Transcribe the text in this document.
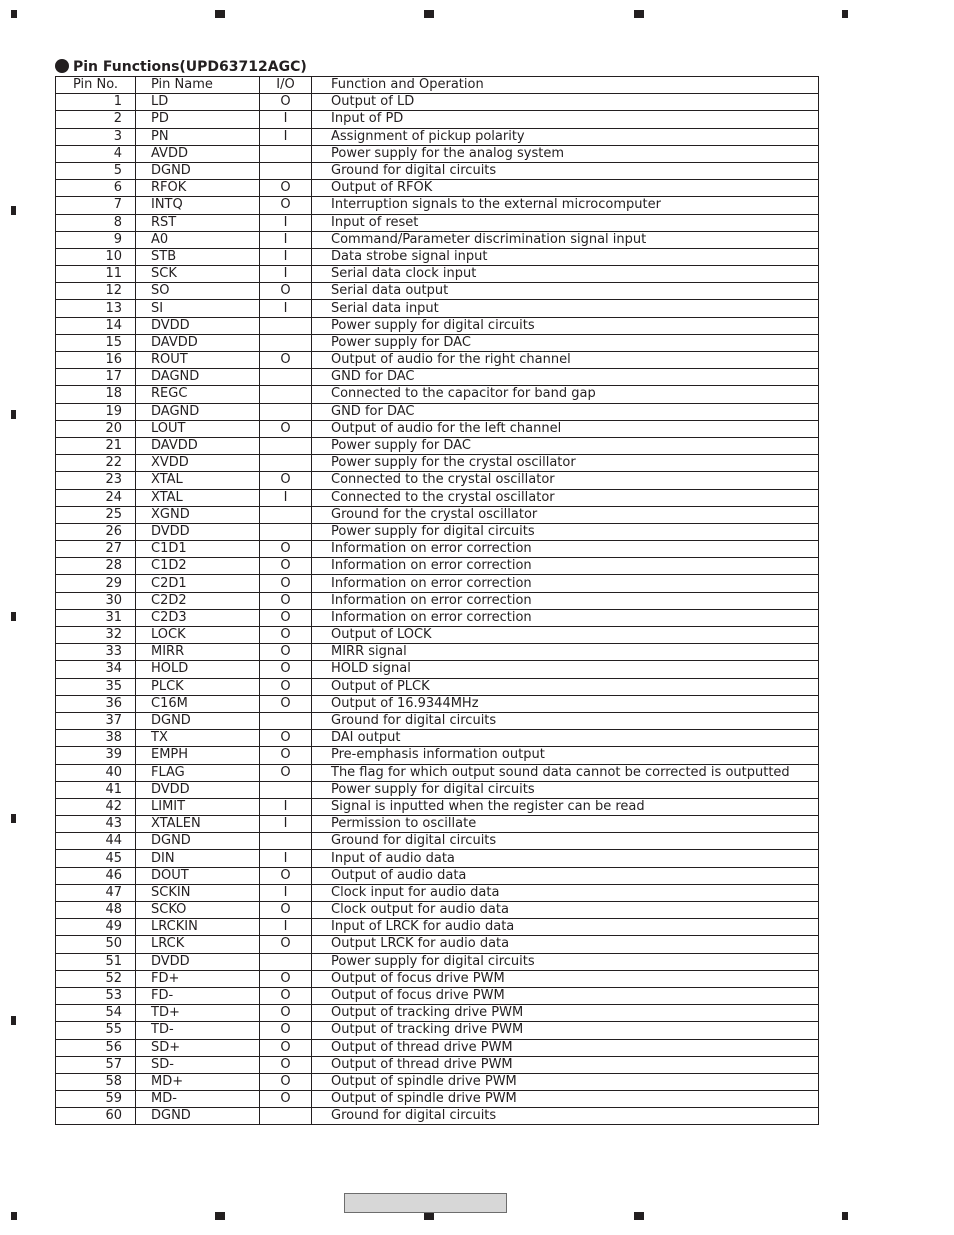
Pin Functions(UPD63712AGC)
Pin No.	Pin Name	I/O	Function and Operation
1	LD	O	Output of LD
2	PD	I	Input of PD
3	PN	I	Assignment of pickup polarity
4	AVDD		Power supply for the analog system
5	DGND		Ground for digital circuits
6	RFOK	O	Output of RFOK
7	INTQ	O	Interruption signals to the external microcomputer
8	$\overline{RST}$	I	Input of reset
9	A0	I	Command/Parameter discrimination signal input
10	$\overline{STB}$	I	Data strobe signal input
11	$\overline{SCK}$	I	Serial data clock input
12	SO	O	Serial data output
13	SI	I	Serial data input
14	DVDD		Power supply for digital circuits
15	DAVDD		Power supply for DAC
16	ROUT	O	Output of audio for the right channel
17	DAGND		GND for DAC
18	REGC		Connected to the capacitor for band gap
19	DAGND		GND for DAC
20	LOUT	O	Output of audio for the left channel
21	DAVDD		Power supply for DAC
22	XVDD		Power supply for the crystal oscillator
23	XTAL	O	Connected to the crystal oscillator
24	XTAL	I	Connected to the crystal oscillator
25	XGND		Ground for the crystal oscillator
26	DVDD		Power supply for digital circuits
27	C1D1	O	Information on error correction
28	C1D2	O	Information on error correction
29	C2D1	O	Information on error correction
30	C2D2	O	Information on error correction
31	C2D3	O	Information on error correction
32	LOCK	O	Output of LOCK
33	MIRR	O	MIRR signal
34	HOLD	O	HOLD signal
35	PLCK	O	Output of PLCK
36	C16M	O	Output of 16.9344MHz
37	DGND		Ground for digital circuits
38	TX	O	DAI output
39	EMPH	O	Pre-emphasis information output
40	FLAG	O	The flag for which output sound data cannot be corrected is outputted
41	DVDD		Power supply for digital circuits
42	LIMIT	I	Signal is inputted when the register can be read
43	XTALEN	I	Permission to oscillate
44	DGND		Ground for digital circuits
45	DIN	I	Input of audio data
46	DOUT	O	Output of audio data
47	SCKIN	I	Clock input for audio data
48	SCKO	O	Clock output for audio data
49	LRCKIN	I	Input of LRCK for audio data
50	LRCK	O	Output LRCK for audio data
51	DVDD		Power supply for digital circuits
52	FD+	O	Output of focus drive PWM
53	FD-	O	Output of focus drive PWM
54	TD+	O	Output of tracking drive PWM
55	TD-	O	Output of tracking drive PWM
56	SD+	O	Output of thread drive PWM
57	SD-	O	Output of thread drive PWM
58	MD+	O	Output of spindle drive PWM
59	MD-	O	Output of spindle drive PWM
60	DGND		Ground for digital circuits
